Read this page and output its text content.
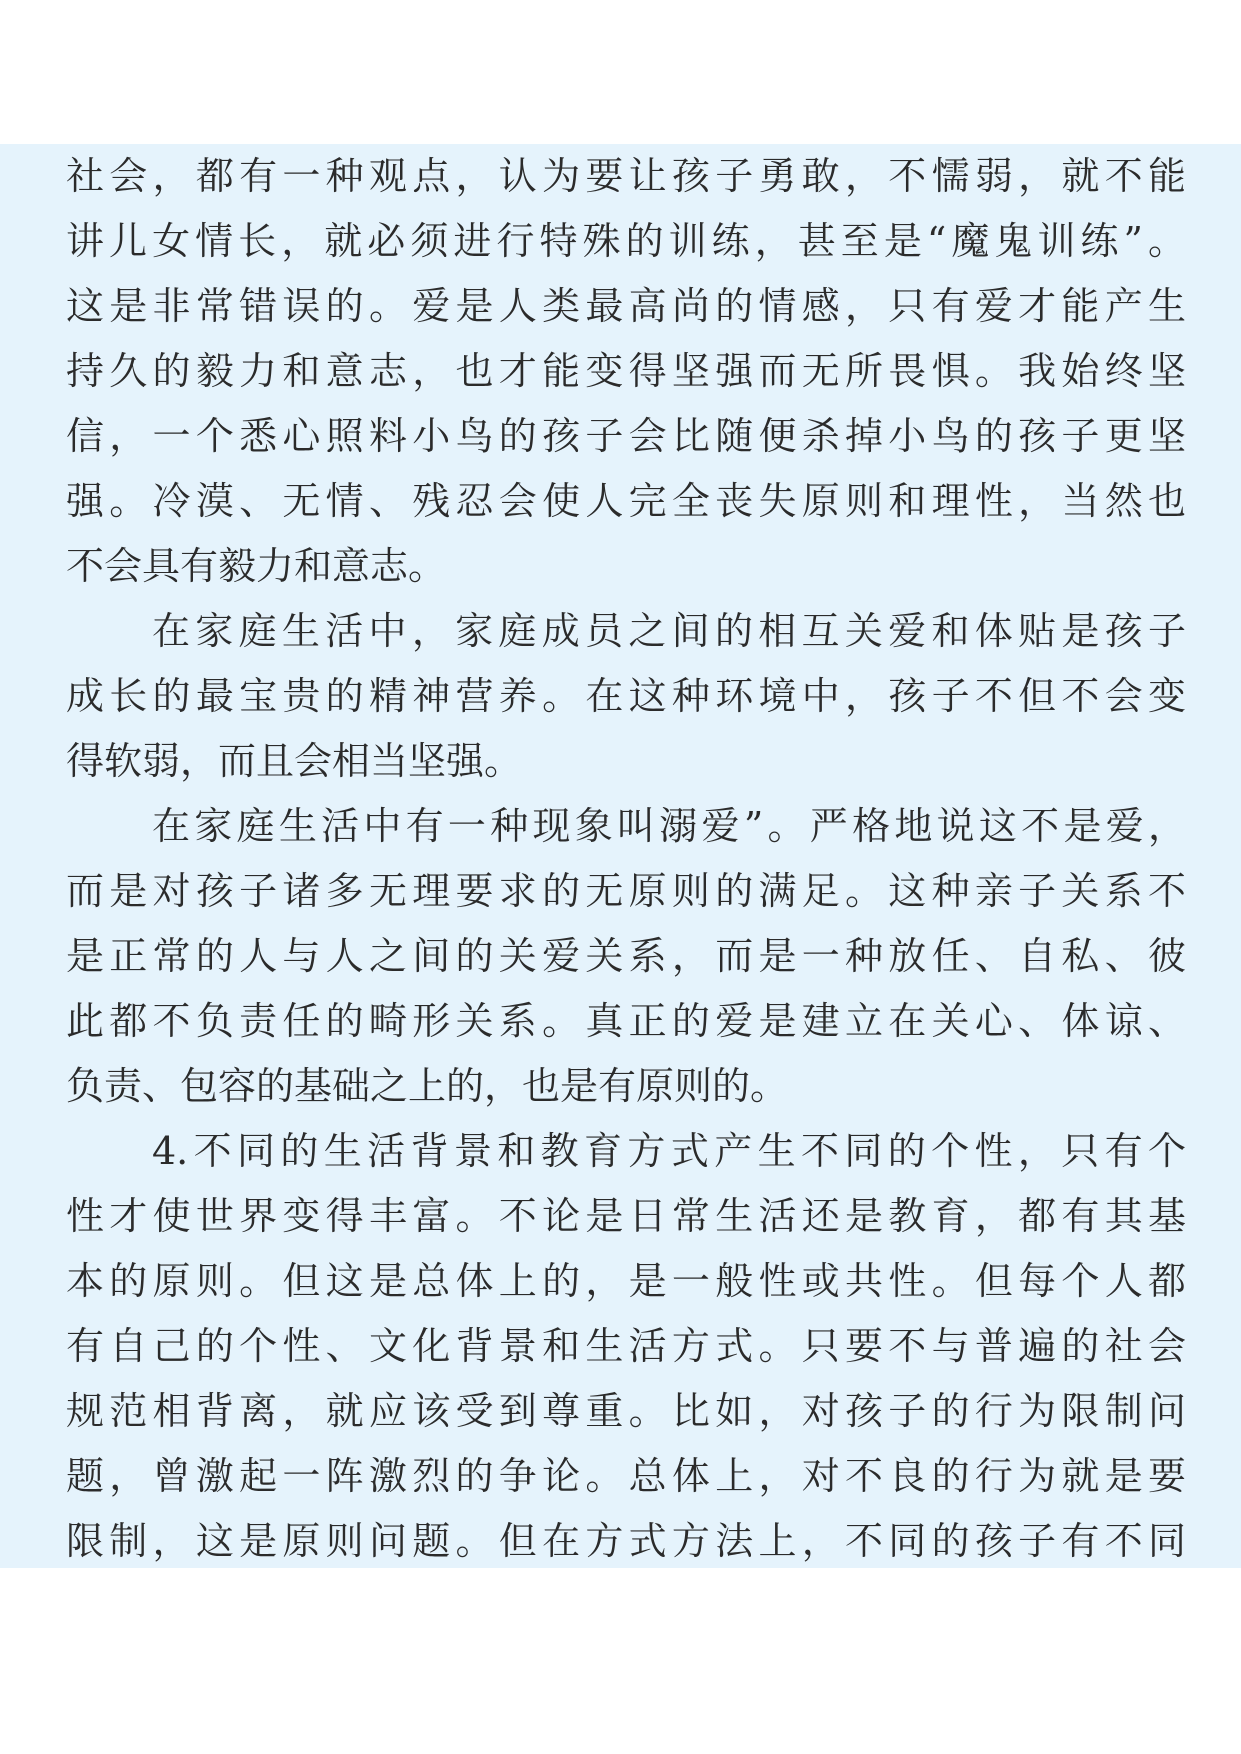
社会，都有一种观点，认为要让孩子勇敢，不懦弱，就不能
讲儿女情长，就必须进行特殊的训练，甚至是“魔鬼训练”。
这是非常错误的。爱是人类最高尚的情感，只有爱才能产生
持久的毅力和意志，也才能变得坚强而无所畏惧。我始终坚
信，一个悉心照料小鸟的孩子会比随便杀掉小鸟的孩子更坚
强。冷漠、无情、残忍会使人完全丧失原则和理性，当然也
不会具有毅力和意志。
在家庭生活中，家庭成员之间的相互关爱和体贴是孩子
成长的最宝贵的精神营养。在这种环境中，孩子不但不会变
得软弱，而且会相当坚强。
在家庭生活中有一种现象叫溺爱”。严格地说这不是爱，
而是对孩子诸多无理要求的无原则的满足。这种亲子关系不
是正常的人与人之间的关爱关系，而是一种放任、自私、彼
此都不负责任的畸形关系。真正的爱是建立在关心、体谅、
负责、包容的基础之上的，也是有原则的。
4.不同的生活背景和教育方式产生不同的个性，只有个
性才使世界变得丰富。不论是日常生活还是教育，都有其基
本的原则。但这是总体上的，是一般性或共性。但每个人都
有自己的个性、文化背景和生活方式。只要不与普遍的社会
规范相背离，就应该受到尊重。比如，对孩子的行为限制问
题，曾激起一阵激烈的争论。总体上，对不良的行为就是要
限制，这是原则问题。但在方式方法上，不同的孩子有不同
